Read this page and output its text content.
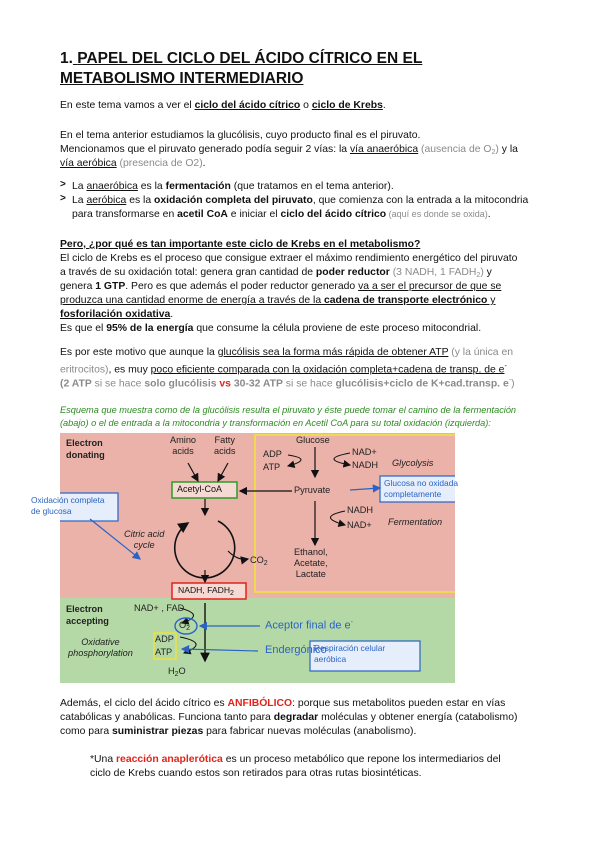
1. PAPEL DEL CICLO DEL ÁCIDO CÍTRICO EN EL
METABOLISMO INTERMEDIARIO
En este tema vamos a ver el ciclo del ácido cítrico o ciclo de Krebs.
En el tema anterior estudiamos la glucólisis, cuyo producto final es el piruvato.
Mencionamos que el piruvato generado podía seguir 2 vías: la vía anaeróbica (ausencia de $O_2$) y la
vía aeróbica (presencia de O2).
> La anaeróbica es la fermentación (que tratamos en el tema anterior).
> La aeróbica es la oxidación completa del piruvato, que comienza con la entrada a la mitocondria
para transformarse en acetil CoA e iniciar el ciclo del ácido cítrico (aquí es donde se oxida).
Pero, ¿por qué es tan importante este ciclo de Krebs en el metabolismo?
El ciclo de Krebs es el proceso que consigue extraer el máximo rendimiento energético del piruvato
a través de su oxidación total: genera gran cantidad de poder reductor (3 NADH, 1 $FADH_2$) y
genera 1 GTP. Pero es que además el poder reductor generado va a ser el precursor de que se
produzca una cantidad enorme de energía a través de la cadena de transporte electrónico y
fosforilación oxidativa.
Es que el 95% de la energía que consume la célula proviene de este proceso mitocondrial.
Es por este motivo que aunque la glucólisis sea la forma más rápida de obtener ATP (y la única en
eritrocitos), es muy poco eficiente comparada con la oxidación completa+cadena de transp. de e-
(2 ATP si se hace solo glucólisis vs 30-32 ATP si se hace glucólisis+ciclo de K+cad.transp. e-)
Esquema que muestra como de la glucólisis resulta el piruvato y éste puede tomar el camino de la fermentación
(abajo) o el de entrada a la mitocondria y transformación en Acetil CoA para su total oxidación (izquierda):
Electron
donating
Amino
acids
Fatty
acids
Acetyl-CoA
Citric acid
cycle
$CO_2$
Glucose
ADP
ATP
NAD+
NADH Glycolysis
Pyruvate
NADH
NAD+ Fermentation
Ethanol,
Acetate,
Lactate
NADH, $FADH_2$
Electron
accepting
NAD+ , FAD
$O_2$
Oxidative
phosphorylation
ADP
ATP
$H_2O$
Oxidación completa
de glucosa
Glucosa no oxidada
completamente
Aceptor final de e-
Endergónico
Respiración celular
aeróbica
Además, el ciclo del ácido cítrico es ANFIBÓLICO: porque sus metabolitos pueden estar en vías
catabólicas y anabólicas. Funciona tanto para degradar moléculas y obtener energía (catabolismo)
como para suministrar piezas para fabricar nuevas moléculas (anabolismo).
*Una reacción anaplerótica es un proceso metabólico que repone los intermediarios del
ciclo de Krebs cuando estos son retirados para otras rutas biosintéticas.
